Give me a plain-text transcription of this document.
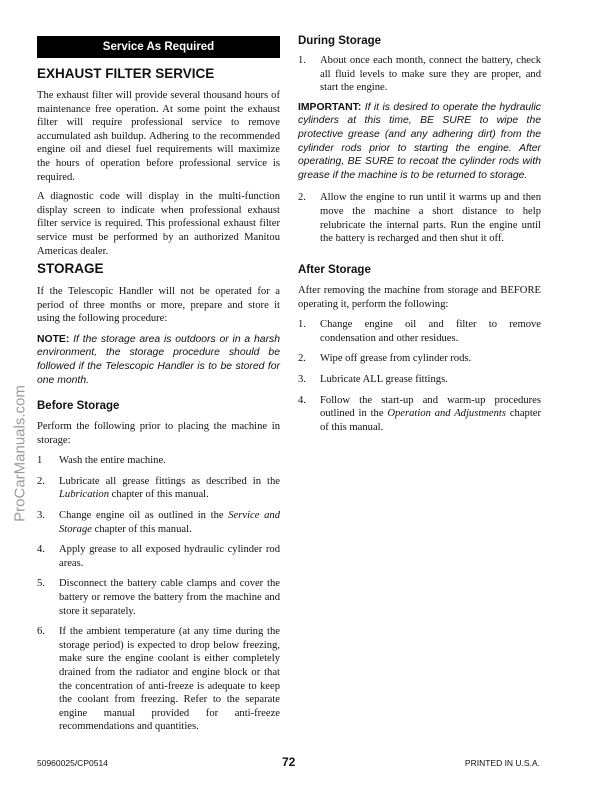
ProCarManuals.com
Service As Required
EXHAUST FILTER SERVICE

The exhaust filter will provide several thousand hours of maintenance free operation. At some point the exhaust filter will require professional service to remove accumulated ash buildup. Adhering to the recommended engine oil and diesel fuel requirements will maximize the hours of operation before professional service is required.

A diagnostic code will display in the multi-function display screen to indicate when professional exhaust filter service is required. This professional exhaust filter service must be performed by an authorized Manitou Americas dealer.

STORAGE

If the Telescopic Handler will not be operated for a period of three months or more, prepare and store it using the following procedure:

NOTE: If the storage area is outdoors or in a harsh environment, the storage procedure should be followed if the Telescopic Handler is to be stored for one month.
Before Storage

Perform the following prior to placing the machine in storage:

1	Wash the entire machine.

2.	Lubricate all grease fittings as described in the Lubrication chapter of this manual.

3.	Change engine oil as outlined in the Service and Storage chapter of this manual.

4.	Apply grease to all exposed hydraulic cylinder rod areas.

5.	Disconnect the battery cable clamps and cover the battery or remove the battery from the machine and store it separately.

6.	If the ambient temperature (at any time during the storage period) is expected to drop below freezing, make sure the engine coolant is either completely drained from the radiator and engine block or that the concentration of anti-freeze is adequate to keep the coolant from freezing. Refer to the separate engine manual provided for anti-freeze recommendations and quantities.

During Storage
1.	About once each month, connect the battery, check all fluid levels to make sure they are proper, and start the engine.

IMPORTANT: If it is desired to operate the hydraulic cylinders at this time, BE SURE to wipe the protective grease (and any adhering dirt) from the cylinder rods prior to starting the engine. After operating, BE SURE to recoat the cylinder rods with grease if the machine is to be returned to storage.
2.	Allow the engine to run until it warms up and then move the machine a short distance to help relubricate the internal parts. Run the engine until the battery is recharged and then shut it off.

After Storage

After removing the machine from storage and BEFORE operating it, perform the following:

1.	Change engine oil and filter to remove condensation and other residues.

2.	Wipe off grease from cylinder rods.

3.	Lubricate ALL grease fittings.

4.	Follow the start-up and warm-up procedures outlined in the Operation and Adjustments chapter of this manual.

50960025/CP0514	72	PRINTED IN U.S.A.
